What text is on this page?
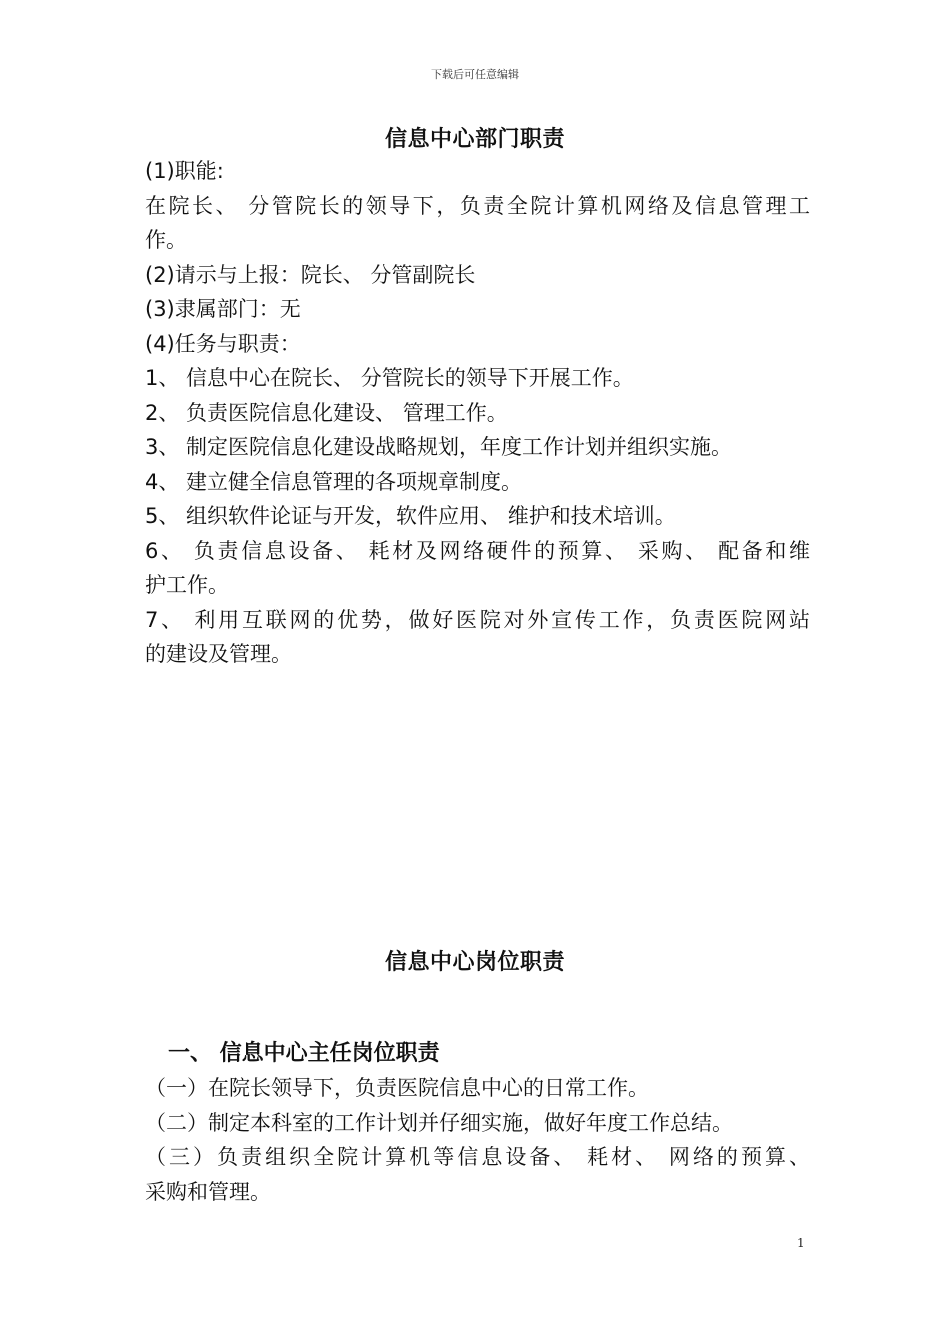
下载后可任意编辑
信息中心部门职责
(1)职能:
在院长、 分管院长的领导下，负责全院计算机网络及信息管理工
作。
(2)请示与上报：院长、 分管副院长
(3)隶属部门：无
(4)任务与职责：
1、 信息中心在院长、 分管院长的领导下开展工作。
2、 负责医院信息化建设、 管理工作。
3、 制定医院信息化建设战略规划，年度工作计划并组织实施。
4、 建立健全信息管理的各项规章制度。
5、 组织软件论证与开发，软件应用、 维护和技术培训。
6、 负责信息设备、 耗材及网络硬件的预算、 采购、 配备和维
护工作。
7、 利用互联网的优势，做好医院对外宣传工作，负责医院网站
的建设及管理。
信息中心岗位职责
一、 信息中心主任岗位职责
（一）在院长领导下，负责医院信息中心的日常工作。
（二）制定本科室的工作计划并仔细实施，做好年度工作总结。
（三）负责组织全院计算机等信息设备、 耗材、 网络的预算、
采购和管理。
1
